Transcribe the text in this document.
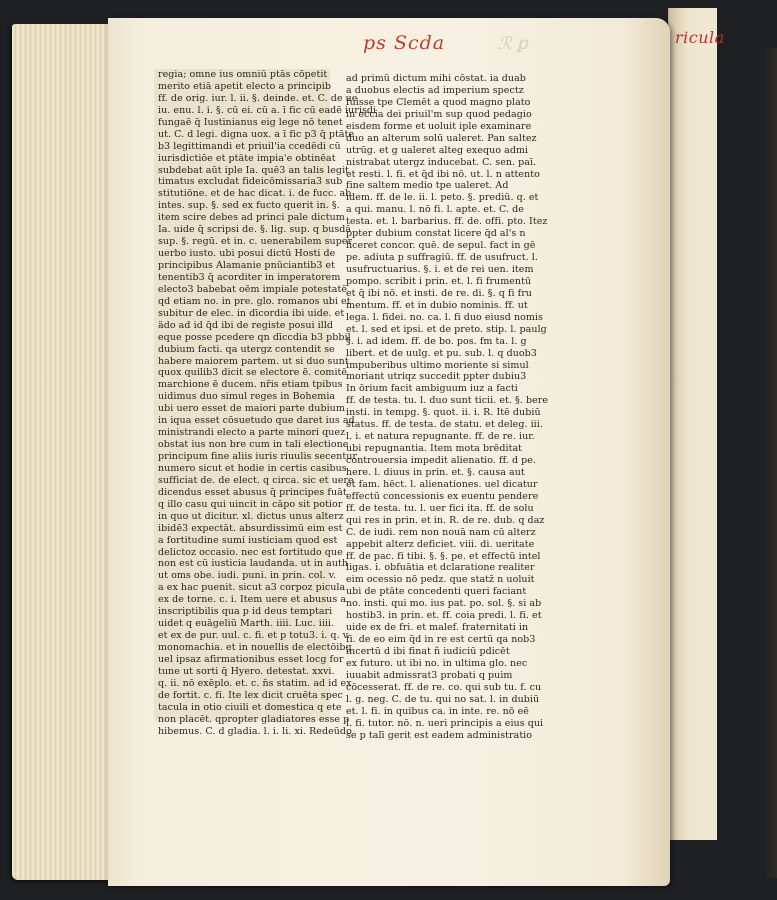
ricula
ps Scda	ℛ ꝑ
regia; omne ius omniū ptās cōpetit
merito etiā apetit electo a principib
ff. de orig. iur. l. ii. §. deinde. et. C. de ue
iu. enu. l. i. §. cū ei. cū a. ī fic cū eadē iurisdi
fungaē q̄ Iustinianus eig lege nō tenet
ut. C. d legi. digna uox. a ī fic p3 q̄ ptāte
b3 legittimandi et priuil'ia ccedēdi cū
iurisdictiōe et ptāte impia'e obtinēat
subdebat aūt iple Ia. quē3 an talis legit
timatus excludat fideicōmissaria3 sub
stitutiōne. et de hac dicat. i. de fucc. ab
intes. sup. §. sed ex fucto querit in. §.
item scire debes ad princi pale dictum
Ia. uide q̄ scripsi de. §. lig. sup. q busdā
sup. §. regū. et in. c. uenerabilem super
uerbo iusto. ubi posui dictū Hosti de
principibus Alamanie pnūciantib3 et
tenentib3 q̄ acorditer in imperatorem
electo3 babebat oēm impiale potestatē
qd etiam no. in pre. glo. romanos ubi et
subitur de elec. in dīcordia ibi uide. et
ädo ad id q̄d ibi de registe posui illd
eque posse pcedere qn dīccdia b3 pbbil
dubium facti. qa utergz contendit se
habere maiorem partem. ut si duo sunt
quox quilib3 dicit se electore ē. comitē
marchione ē ducem. nr̄is etiam tpibus
uidimus duo simul reges in Bohemia
ubi uero esset de maiori parte dubium
in iqua esset cōsuetudo que daret ius ad
ministrandi electo a parte minori quez
obstat ius non bre cum in tali electione
principum fine aliis iuris riuulis secentur
numero sicut et hodie in certis casibus
sufficiat de. de elect. q circa. sic et uere
dicendus esset abusus q̄ principes fuāt
q illo casu qui uincit in cāpo sit potior
in quo ut dicitur. xl. dictus unus alterz
ibidē3 expectāt. absurdissimū eim est
a fortitudine sumi iusticiam quod est
delictoz occasio. nec est fortitudo que
non est cū iusticia laudanda. ut in auth
ut oms obe. iudi. puni. in prin. col. v.
a ex hac puenit. sicut a3 corpoz picula
ex de torne. c. i. Item uere et abusus a
inscriptibilis qua p id deus temptari
uidet q euāgeliū Marth. iiii. Luc. iiii.
et ex de pur. uul. c. fi. et p totu3. i. q. v.
monomachia. et in nouellis de electōibg
uel ipsaz afirmationibus esset locg for
tune ut sorti q̄ Hyero. detestat. xxvi.
q. ii. nō exēplo. et. c. n̄s statim. ad id ex
de fortit. c. fi. Ite lex dicit cruēta spec
tacula in otio ciuili et domestica q ete
non placēt. qpropter gladiatores esse p
hibemus. C. d gladia. l. i. li. xi. Redeūdo
ad primū dictum mihi cōstat. ia duab
a duobus electis ad imperium spectz
fuisse tpe Clemēt a quod magno plato
in eccia dei priuil'm sup quod pedagio
eisdem forme et uoluit iple examinare
duo an alterum solū ualeret. Pan saltez
utrūg. et g ualeret alteg exequo admi
nistrabat utergz inducebat. C. sen. paī.
et resti. l. fi. et q̄d ibi nō. ut. l. n attento
fine saltem medio tpe ualeret. Ad
idem. ff. de le. ii. l. peto. §. prediū. q. et
a qui. manu. l. nō fi. l. apte. et. C. de
testa. et. l. barbarius. ff. de. offi. pto. Itez
ppter dubium constat licere q̄d al's n
liceret concor. quē. de sepul. fact in gē
pe. adiuta p suffragiū. ff. de usufruct. l.
usufructuarius. §. i. et de rei uen. item
pompo. scribit i prin. et. l. fi frumentū
et q̄ ibi nō. et insti. de re. di. §. q fi fru
mentum. ff. et in dubio nominis. ff. ut
lega. l. fidei. no. ca. l. fi duo eiusd nomis
et. l. sed et ipsi. et de preto. stip. l. paulg
§. i. ad idem. ff. de bo. pos. fm ta. l. g
libert. et de uulg. et pu. sub. l. q duob3
impuberibus ultimo moriente si simul
moriant utriqz succedit ppter dubiu3
In ōrium facit ambiguum iuz a facti
ff. de testa. tu. l. duo sunt ticii. et. §. bere
insti. in tempg. §. quot. ii. i. R. Itē dubiū
status. ff. de testa. de statu. et deleg. iii.
l. i. et natura repugnante. ff. de re. iur.
ubi repugnantia. Item mota brēditat
controuersia impedit alienatio. ff. d pe.
here. l. diuus in prin. et. §. causa aut
et fam. hēct. l. alienationes. uel dicatur
effectū concessionis ex euentu pendere
ff. de testa. tu. l. uer fici ita. ff. de solu
qui res in prin. et in. R. de re. dub. q daz
C. de iudi. rem non nouā nam cū alterz
appebit alterz deficiet. viii. di. ueritate
ff. de pac. fi tibi. §. §. pe. et effectū intel
ligas. i. obfuātia et dclaratione realiter
eim ocessio nō pedz. que statz̄ n uoluit
ubi de ptāte concedenti queri faciant
no. insti. qui mo. ius pat. po. sol. §. si ab
hostib3. in prin. et. ff. coia predi. l. fi. et
uide ex de fri. et malef. fraternitati in
fi. de eo eim q̄d in re est certū qa nob3
incertū d ibi finat ñ iudiciū pdicēt
ex futuro. ut ibi no. in ultima glo. nec
iuuabit admissrat3 probati q puim
cōcesserat. ff. de re. co. qui sub tu. f. cu
l. g. neg. C. de tu. qui no sat. l. in dubiū
et. l. fi. in quibus ca. in inte. re. nō eē
l. fi. tutor. nō. n. ueri principis a eius qui
se p talī gerit est eadem administratio
